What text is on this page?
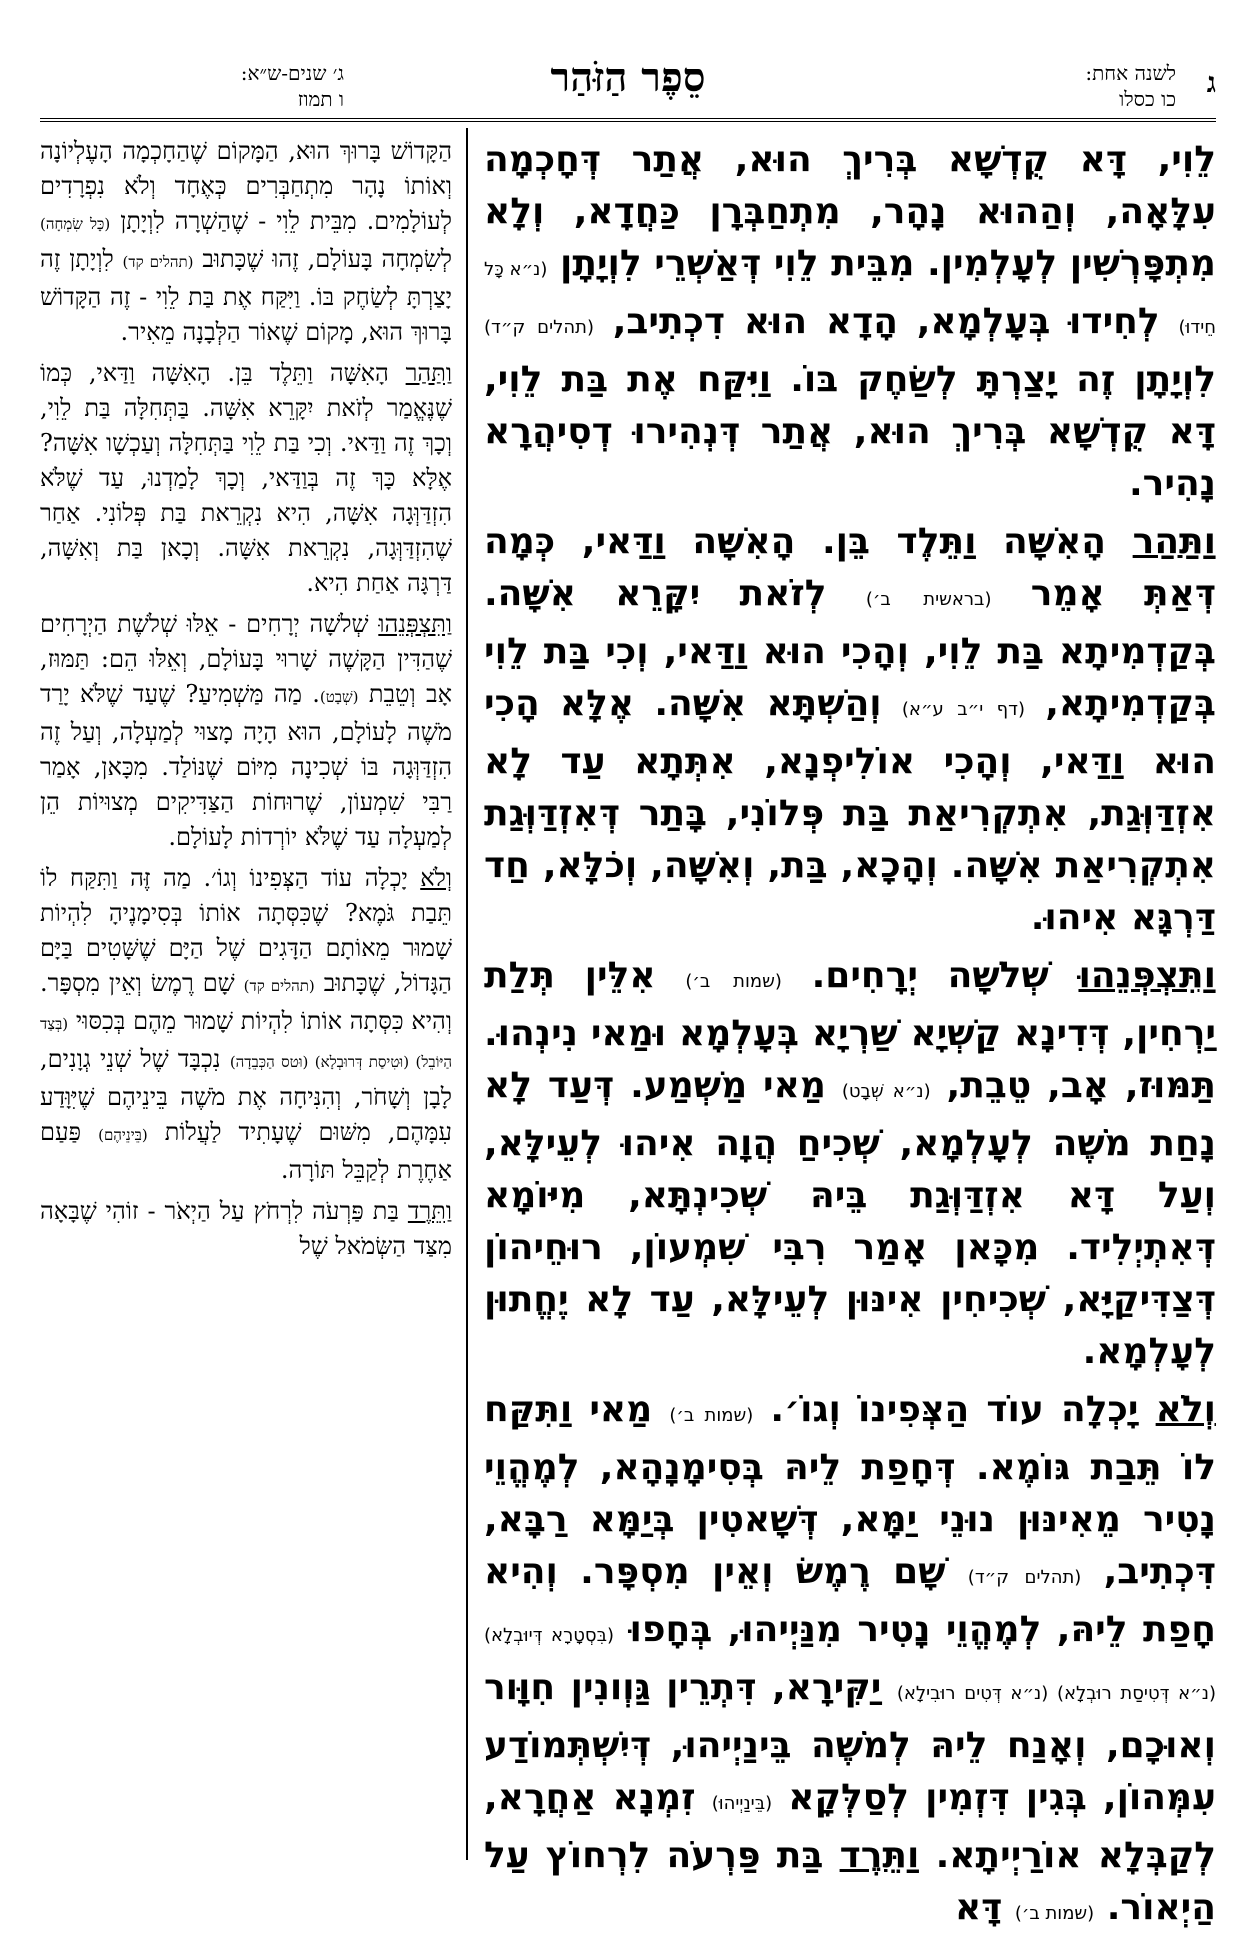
ג
לשנה אחת:
כו כסלו
סֵפֶר הַזֹּהַר
ג׳ שנים-ש״א:
ו תמוז

לֵוִי, דָּא קֻדְשָׁא בְּרִיךְ הוּא, אֲתַר דְּחָכְמָה עִלָּאָה, וְהַהוּא נָהָר, מִתְחַבְּרָן כַּחֲדָא, וְלָא מִתְפָּרְשִׁין לְעָלְמִין. מִבֵּית לֵוִי דְּאַשְׁרֵי לִוְיָתָן (נ״א כָּל חֵידוּ) לְחִידוּ בְּעָלְמָא, הָדָא הוּא דִכְתִיב, (תהלים ק״ד) לִוְיָתָן זֶה יָצַרְתָּ לְשַׂחֶק בּוֹ. וַיִּקַּח אֶת בַּת לֵוִי, דָּא קֻדְשָׁא בְּרִיךְ הוּא, אֲתַר דְּנְהִירוּ דְסִיהֲרָא נָהִיר.

וַתַּהַר הָאִשָּׁה וַתֵּלֶד בֵּן. הָאִשָּׁה וַדַּאי, כְּמָה דְּאַתְּ אָמֵר (בראשית ב׳) לְזֹאת יִקָּרֵא אִשָּׁה. בְּקַדְמִיתָא בַּת לֵוִי, וְהָכִי הוּא וַדַּאי, וְכִי בַּת לֵוִי בְּקַדְמִיתָא, (דף י״ב ע״א) וְהַשְׁתָּא אִשָּׁה. אֶלָּא הָכִי הוּא וַדַּאי, וְהָכִי אוֹלִיפְנָא, אִתְּתָא עַד לָא אִזְדַּוְּגַת, אִתְקְרִיאַת בַּת פְּלוֹנִי, בָּתַר דְּאִזְדַּוְּגַת אִתְקְרִיאַת אִשָּׁה. וְהָכָא, בַּת, וְאִשָּׁה, וְכֹלָּא, חַד דַּרְגָּא אִיהוּ.

וַתִּצְפְּנֵהוּ שְׁלשָׁה יְרָחִים. (שמות ב׳) אִלֵּין תְּלַת יַרְחִין, דְּדִינָא קַשְׁיָא שַׁרְיָא בְּעָלְמָא וּמַאי נִינְהוּ. תַּמּוּז, אָב, טֵבֵת, (נ״א שְׁבָט) מַאי מַשְׁמַע. דְּעַד לָא נָחַת מֹשֶׁה לְעָלְמָא, שְׁכִיחַ הֲוָה אִיהוּ לְעֵילָּא, וְעַל דָּא אִזְדַּוְּגַת בֵּיהּ שְׁכִינְתָּא, מִיּוֹמָא דְּאִתְיְלִיד. מִכָּאן אָמַר רִבִּי שִׁמְעוֹן, רוּחֵיהוֹן דְּצַדִּיקַיָּא, שְׁכִיחִין אִינּוּן לְעֵילָּא, עַד לָא יֶחֱתוּן לְעָלְמָא.

וְלֹא יָכְלָה עוֹד הַצְּפִינוֹ וְגוֹ׳. (שמות ב׳) מַאי וַתִּקַּח לוֹ תֵּבַת גּוֹמֶא. דְּחָפַת לֵיהּ בְּסִימָנָהָא, לְמֶהֱוֵי נָטִיר מֵאִינּוּן נוּנֵי יַמָּא, דְּשָׁאטִין בְּיַמָּא רַבָּא, דִּכְתִיב, (תהלים ק״ד) שָׁם רֶמֶשׂ וְאֵין מִסְפָּר. וְהִיא חָפַת לֵיהּ, לְמֶהֱוֵי נָטִיר מִנַּיְיהוּ, בְּחָפוּ (בִּסְטָרָא דְּיוּבְלָא) (נ״א דְּטִיסַת רוּבְלָא) (נ״א דְּטִים רוּבִילָא) יַקִּירָא, דִּתְרֵין גַּוְונִין חִוָּור וְאוּכָם, וְאָנַח לֵיהּ לְמֹשֶׁה בֵּינַיְיהוּ, דְּיִשְׁתְּמוֹדַע עִמְּהוֹן, בְּגִין דִּזְמִין לְסַלְּקָא (בֵּינַיְיהוּ) זִמְנָא אַחֲרָא, לְקַבְּלָא אוֹרַיְיתָא. וַתֵּרֶד בַּת פַּרְעֹה לִרְחוֹץ עַל הַיְאוֹר. (שמות ב׳) דָּא

הַקָּדוֹשׁ בָּרוּךְ הוּא, הַמָּקוֹם שֶׁהַחָכְמָה הָעֶלְיוֹנָה וְאוֹתוֹ נָהָר מִתְחַבְּרִים כְּאֶחָד וְלֹא נִפְרָדִים לְעוֹלָמִים. מִבֵּית לֵוִי - שֶׁהַשְׁרָה לִוְיָתָן (כָּל שִׂמְחָה) לְשִׂמְחָה בָּעוֹלָם, זֶהוּ שֶׁכָּתוּב (תהלים קד) לִוְיָתָן זֶה יָצַרְתָּ לְשַׂחֶק בּוֹ. וַיִּקַּח אֶת בַּת לֵוִי - זֶה הַקָּדוֹשׁ בָּרוּךְ הוּא, מָקוֹם שֶׁאוֹר הַלְּבָנָה מֵאִיר.

וַתַּהַר הָאִשָּׁה וַתֵּלֶד בֵּן. הָאִשָּׁה וַדַּאי, כְּמוֹ שֶׁנֶּאֱמַר לְזֹאת יִקָּרֵא אִשָּׁה. בַּתְּחִלָּה בַּת לֵוִי, וְכָךְ זֶה וַדַּאי. וְכִי בַּת לֵוִי בַּתְּחִלָּה וְעַכְשָׁו אִשָּׁה? אֶלָּא כָּךְ זֶה בְּוַדַּאי, וְכָךְ לָמַדְנוּ, עַד שֶׁלֹּא הִזְדַּוְּגָה אִשָּׁה, הִיא נִקְרֵאת בַּת פְּלוֹנִי. אַחַר שֶׁהִזְדַּוְּגָה, נִקְרֵאת אִשָּׁה. וְכָאן בַּת וְאִשָּׁה, דַּרְגָּה אַחַת הִיא.

וַתִּצְפְּנֵהוּ שְׁלשָׁה יְרָחִים - אֵלּוּ שְׁלֹשֶׁת הַיְרָחִים שֶׁהַדִּין הַקָּשֶׁה שָׁרוּי בָּעוֹלָם, וְאֵלּוּ הֵם: תַּמּוּז, אָב וְטֵבֵת (שְׁבָט). מַה מַּשְׁמִיעַ? שֶׁעַד שֶׁלֹּא יָרַד מֹשֶׁה לָעוֹלָם, הוּא הָיָה מָצוּי לְמַעְלָה, וְעַל זֶה הִזְדַּוְּגָה בּוֹ שְׁכִינָה מִיּוֹם שֶׁנּוֹלַד. מִכָּאן, אָמַר רַבִּי שִׁמְעוֹן, שֶׁרוּחוֹת הַצַּדִּיקִים מְצוּיוֹת הֵן לְמַעְלָה עַד שֶׁלֹּא יוֹרְדוֹת לָעוֹלָם.

וְלֹא יָכְלָה עוֹד הַצְּפִינוֹ וְגוֹ׳. מַה זֶּה וַתִּקַּח לוֹ תֵּבַת גֹּמֶא? שֶׁכִּסְּתָה אוֹתוֹ בְּסִימָנֶיהָ לִהְיוֹת שָׁמוּר מֵאוֹתָם הַדָּגִים שֶׁל הַיָּם שֶׁשָּׁטִים בַּיָּם הַגָּדוֹל, שֶׁכָּתוּב (תהלים קד) שָׁם רֶמֶשׂ וְאֵין מִסְפָּר. וְהִיא כִּסְּתָה אוֹתוֹ לִהְיוֹת שָׁמוּר מֵהֶם בְּכִסּוּי (בְּצַד הַיּוֹבֵל) (וּטִיסַת דְּרוּבְלָא) (וּטס הַכְּבֵדָה) נִכְבָּד שֶׁל שְׁנֵי גְוָנִים, לָבָן וְשָׁחֹר, וְהִנִּיחָה אֶת מֹשֶׁה בֵּינֵיהֶם שֶׁיִּוָּדַע עִמָּהֶם, מִשּׁוּם שֶׁעָתִיד לַעֲלוֹת (בֵּינֵיהֶם) פַּעַם אַחֶרֶת לְקַבֵּל תּוֹרָה.

וַתֵּרֶד בַּת פַּרְעֹה לִרְחֹץ עַל הַיְאֹר - זוֹהִי שֶׁבָּאָה מִצַּד הַשְּׂמֹאל שֶׁל
